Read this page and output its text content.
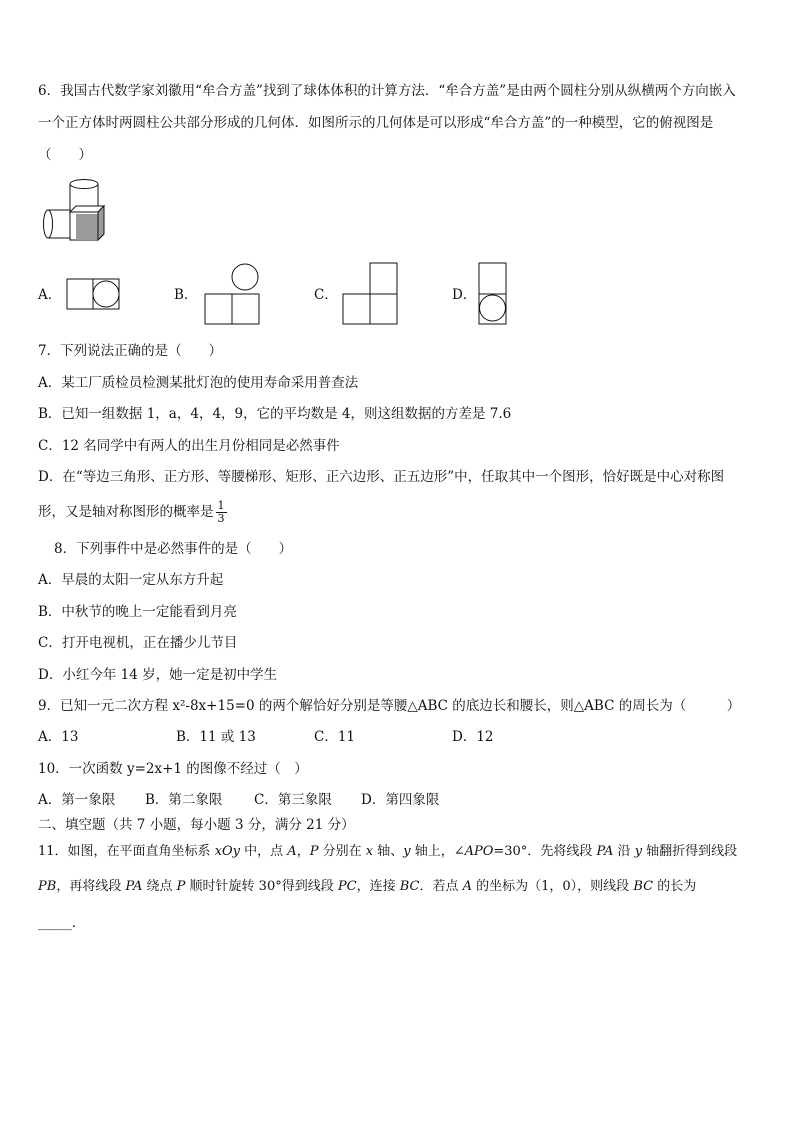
6．我国古代数学家刘徽用“牟合方盖”找到了球体体积的计算方法．“牟合方盖”是由两个圆柱分别从纵横两个方向嵌入
一个正方体时两圆柱公共部分形成的几何体．如图所示的几何体是可以形成“牟合方盖”的一种模型，它的俯视图是
（　　）
A．	B．	C．	D．
7．下列说法正确的是（　　）
A．某工厂质检员检测某批灯泡的使用寿命采用普查法
B．已知一组数据 1，a，4，4，9，它的平均数是 4，则这组数据的方差是 7.6
C．12 名同学中有两人的出生月份相同是必然事件
D．在“等边三角形、正方形、等腰梯形、矩形、正六边形、正五边形”中，任取其中一个图形，恰好既是中心对称图
形，又是轴对称图形的概率是 $\frac{1}{3}$
8．下列事件中是必然事件的是（　　）
A．早晨的太阳一定从东方升起
B．中秋节的晚上一定能看到月亮
C．打开电视机，正在播少儿节目
D．小红今年 14 岁，她一定是初中学生
9．已知一元二次方程 x²-8x+15=0 的两个解恰好分别是等腰△ABC 的底边长和腰长，则△ABC 的周长为（　　　）
A．13	B．11 或 13	C．11	D．12
10．一次函数 y=2x+1 的图像不经过（　）
A．第一象限 B．第二象限 C．第三象限 D．第四象限
二、填空题（共 7 小题，每小题 3 分，满分 21 分）
11．如图，在平面直角坐标系 xOy 中，点 A，P 分别在 x 轴、y 轴上，∠APO=30°．先将线段 PA 沿 y 轴翻折得到线段
PB，再将线段 PA 绕点 P 顺时针旋转 30°得到线段 PC，连接 BC．若点 A 的坐标为（1，0），则线段 BC 的长为
_____．
